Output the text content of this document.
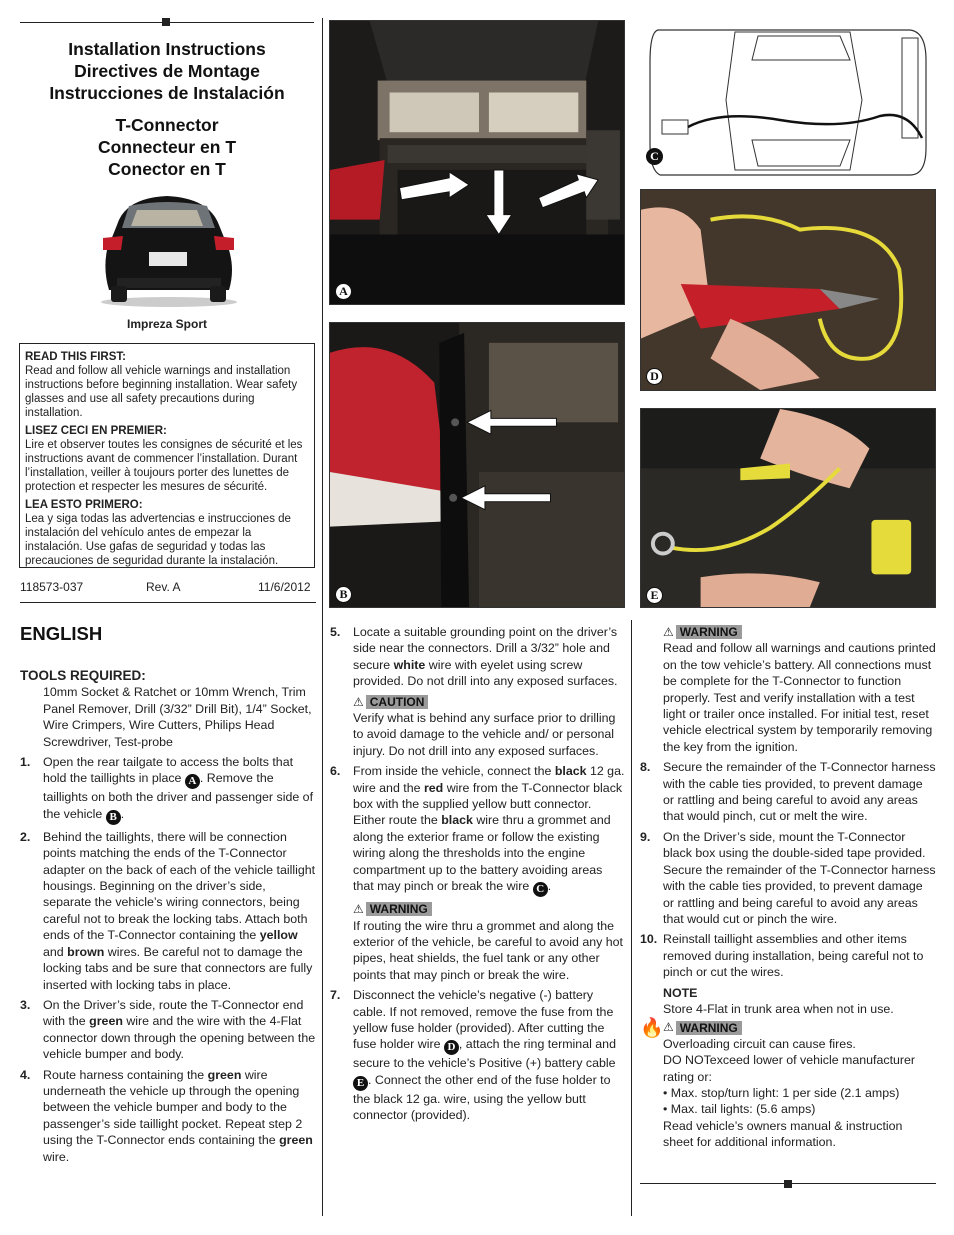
Installation Instructions
Directives de Montage
Instrucciones de Instalación
T-Connector
Connecteur en T
Conector en T
Impreza Sport
READ THIS FIRST:
Read and follow all vehicle warnings and installation instructions before beginning installation. Wear safety glasses and use all safety precautions during installation.
LISEZ CECI EN PREMIER:
Lire et observer toutes les consignes de sécurité et les instructions avant de commencer l’installation. Durant l’installation, veiller à toujours porter des lunettes de protection et respecter les mesures de sécurité.
LEA ESTO PRIMERO:
Lea y siga todas las advertencias e instrucciones de instalación del vehículo antes de empezar la instalación. Use gafas de seguridad y todas las precauciones de seguridad durante la instalación.
118573-037	Rev. A	11/6/2012
A
B
C
D
E
ENGLISH
TOOLS REQUIRED:
10mm Socket & Ratchet or 10mm Wrench, Trim Panel Remover, Drill (3/32” Drill Bit), 1/4” Socket, Wire Crimpers, Wire Cutters, Philips Head Screwdriver, Test-probe
1. Open the rear tailgate to access the bolts that hold the taillights in place A . Remove the taillights on both the driver and passenger side of the vehicle B .
2. Behind the taillights, there will be connection points matching the ends of the T-Connector adapter on the back of each of the vehicle taillight housings. Beginning on the driver’s side, separate the vehicle’s wiring connectors, being careful not to break the locking tabs. Attach both ends of the T-Connector containing the yellow and brown wires. Be careful not to damage the locking tabs and be sure that connectors are fully inserted with locking tabs in place.
3. On the Driver’s side, route the T-Connector end with the green wire and the wire with the 4-Flat connector down through the opening between the vehicle bumper and body.
4. Route harness containing the green wire underneath the vehicle up through the opening between the vehicle bumper and body to the passenger’s side taillight pocket. Repeat step 2 using the T-Connector ends containing the green wire.
5. Locate a suitable grounding point on the driver’s side near the connectors. Drill a 3/32” hole and secure white wire with eyelet using screw provided. Do not drill into any exposed surfaces.
⚠ CAUTION
Verify what is behind any surface prior to drilling to avoid damage to the vehicle and/ or personal injury. Do not drill into any exposed surfaces.
6. From inside the vehicle, connect the black 12 ga. wire and the red wire from the T-Connector black box with the supplied yellow butt connector. Either route the black wire thru a grommet and along the exterior frame or follow the existing wiring along the thresholds into the engine compartment up to the battery avoiding areas that may pinch or break the wire C .
⚠ WARNING
If routing the wire thru a grommet and along the exterior of the vehicle, be careful to avoid any hot pipes, heat shields, the fuel tank or any other points that may pinch or break the wire.
7. Disconnect the vehicle’s negative (-) battery cable. If not removed, remove the fuse from the yellow fuse holder (provided). After cutting the fuse holder wire D , attach the ring terminal and secure to the vehicle’s Positive (+) battery cable E . Connect the other end of the fuse holder to the black 12 ga. wire, using the yellow butt connector (provided).
⚠ WARNING
Read and follow all warnings and cautions printed on the tow vehicle’s battery. All connections must be complete for the T-Connector to function properly. Test and verify installation with a test light or trailer once installed. For initial test, reset vehicle electrical system by temporarily removing the key from the ignition.
8. Secure the remainder of the T-Connector harness with the cable ties provided, to prevent damage or rattling and being careful to avoid any areas that would pinch, cut or melt the wire.
9. On the Driver’s side, mount the T-Connector black box using the double-sided tape provided. Secure the remainder of the T-Connector harness with the cable ties provided, to prevent damage or rattling and being careful to avoid any areas that would cut or pinch the wire.
10. Reinstall taillight assemblies and other items removed during installation, being careful not to pinch or cut the wires.
NOTE
Store 4-Flat in trunk area when not in use.
🔥 ⚠ WARNING
Overloading circuit can cause fires.
DO NOTexceed lower of vehicle manufacturer rating or:
• Max. stop/turn light: 1 per side (2.1 amps)
• Max. tail lights: (5.6 amps)
Read vehicle’s owners manual & instruction sheet for additional information.
